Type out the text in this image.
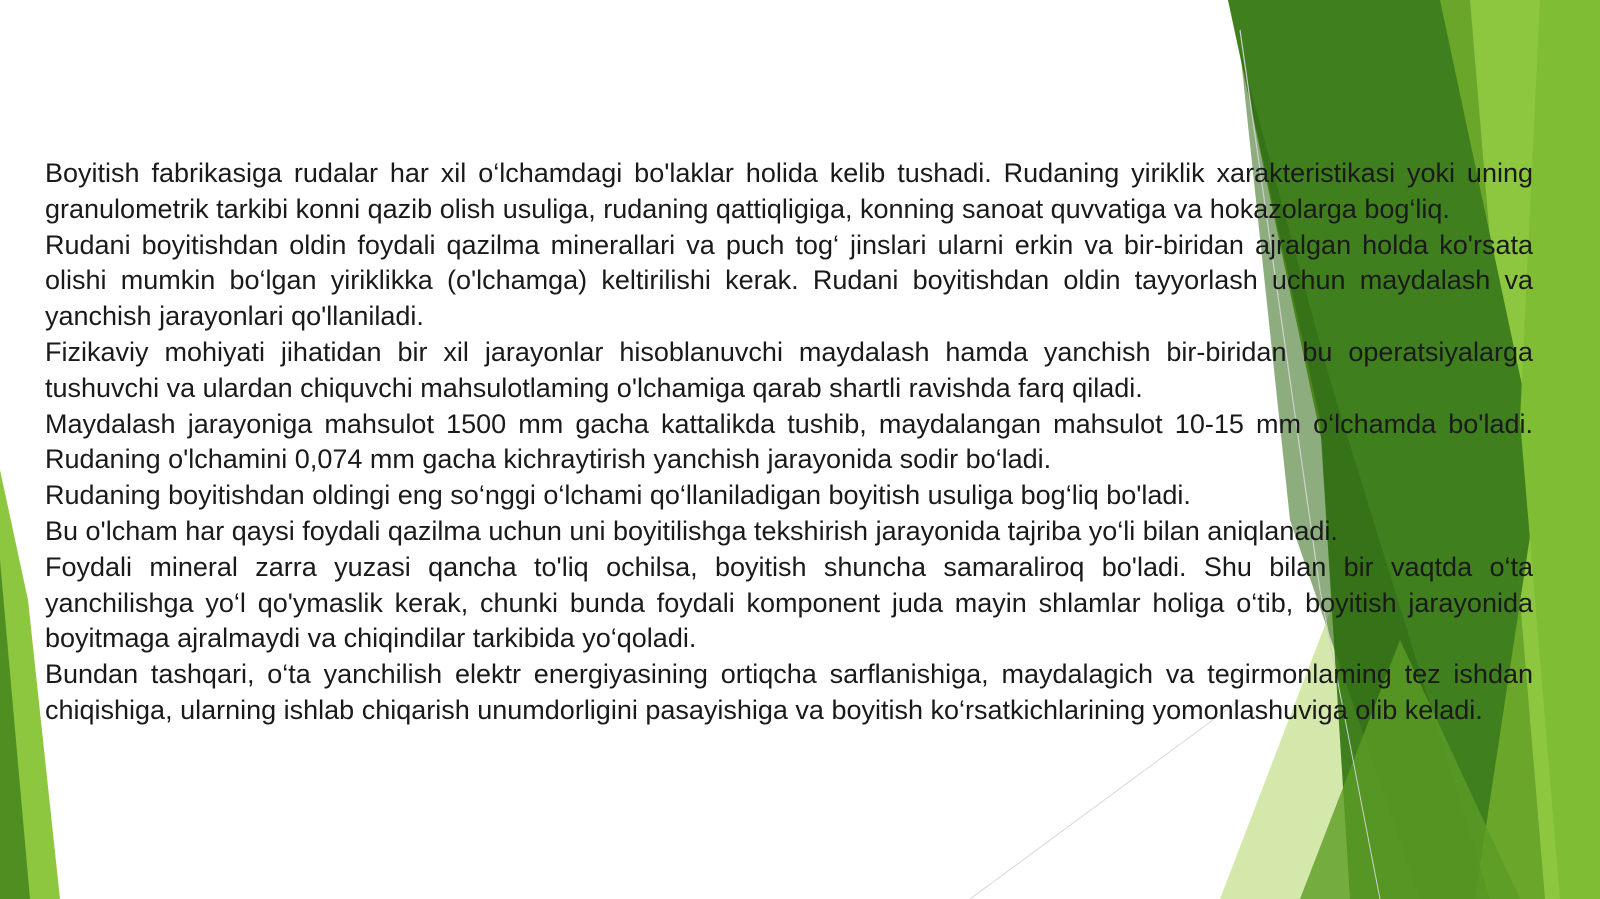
Boyitish fabrikasiga rudalar har xil o‘lchamdagi bo'laklar holida kelib tushadi. Rudaning yiriklik xarakteristikasi yoki uning granulometrik tarkibi konni qazib olish usuliga, rudaning qattiqligiga, konning sanoat quvvatiga va hokazolarga bog‘liq.

Rudani boyitishdan oldin foydali qazilma minerallari va puch tog‘ jinslari ularni erkin va bir-biridan ajralgan holda ko'rsata olishi mumkin bo‘lgan yiriklikka (o'lchamga) keltirilishi kerak. Rudani boyitishdan oldin tayyorlash uchun maydalash va yanchish jarayonlari qo'llaniladi.

Fizikaviy mohiyati jihatidan bir xil jarayonlar hisoblanuvchi maydalash hamda yanchish bir-biridan bu operatsiyalarga tushuvchi va ulardan chiquvchi mahsulotlaming o'lchamiga qarab shartli ravishda farq qiladi.

Maydalash jarayoniga mahsulot 1500 mm gacha kattalikda tushib, maydalangan mahsulot 10-15 mm o‘lchamda bo'ladi. Rudaning o'lchamini 0,074 mm gacha kichraytirish yanchish jarayonida sodir bo‘ladi.

Rudaning boyitishdan oldingi eng so‘nggi o‘lchami qo‘llaniladigan boyitish usuliga bog‘liq bo'ladi.

Bu o'lcham har qaysi foydali qazilma uchun uni boyitilishga tekshirish jarayonida tajriba yo‘li bilan aniqlanadi.

Foydali mineral zarra yuzasi qancha to'liq ochilsa, boyitish shuncha samaraliroq bo'ladi. Shu bilan bir vaqtda o‘ta yanchilishga yo‘l qo'ymaslik kerak, chunki bunda foydali komponent juda mayin shlamlar holiga o‘tib, boyitish jarayonida boyitmaga ajralmaydi va chiqindilar tarkibida yo‘qoladi.

Bundan tashqari, o‘ta yanchilish elektr energiyasining ortiqcha sarflanishiga, maydalagich va tegirmonlaming tez ishdan chiqishiga, ularning ishlab chiqarish unumdorligini pasayishiga va boyitish ko‘rsatkichlarining yomonlashuviga olib keladi.
